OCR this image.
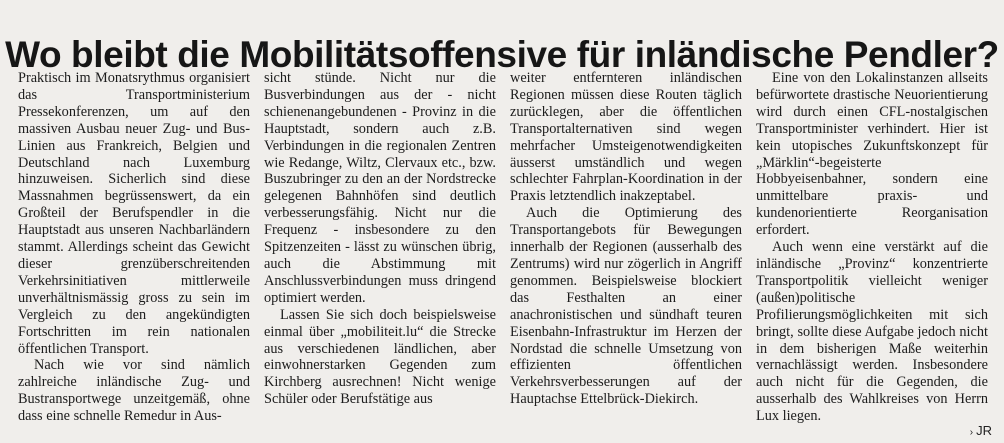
Wo bleibt die Mobilitätsoffensive für inländische Pendler?

Praktisch im Monatsrythmus organisiert das Transportministerium Pressekonferenzen, um auf den massiven Ausbau neuer Zug- und Bus-Linien aus Frankreich, Belgien und Deutschland nach Luxemburg hinzuweisen. Sicherlich sind diese Massnahmen begrüssenswert, da ein Großteil der Berufspendler in die Hauptstadt aus unseren Nachbarländern stammt. Allerdings scheint das Gewicht dieser grenzüberschreitenden Verkehrsinitiativen mittlerweile unverhältnismässig gross zu sein im Vergleich zu den angekündigten Fortschritten im rein nationalen öffentlichen Transport.

Nach wie vor sind nämlich zahlreiche inländische Zug- und Bustransportwege unzeitgemäß, ohne dass eine schnelle Remedur in Aus-

sicht stünde. Nicht nur die Busverbindungen aus der - nicht schienenangebundenen - Provinz in die Hauptstadt, sondern auch z.B. Verbindungen in die regionalen Zentren wie Redange, Wiltz, Clervaux etc., bzw. Buszubringer zu den an der Nordstrecke gelegenen Bahnhöfen sind deutlich verbesserungsfähig. Nicht nur die Frequenz - insbesondere zu den Spitzenzeiten - lässt zu wünschen übrig, auch die Abstimmung mit Anschlussverbindungen muss dringend optimiert werden.

Lassen Sie sich doch beispielsweise einmal über „mobiliteit.lu“ die Strecke aus verschiedenen ländlichen, aber einwohnerstarken Gegenden zum Kirchberg ausrechnen! Nicht wenige Schüler oder Berufstätige aus

weiter entfernteren inländischen Regionen müssen diese Routen täglich zurücklegen, aber die öffentlichen Transportalternativen sind wegen mehrfacher Umsteigenotwendigkeiten äusserst umständlich und wegen schlechter Fahrplan-Koordination in der Praxis letztendlich inakzeptabel.

Auch die Optimierung des Transportangebots für Bewegungen innerhalb der Regionen (ausserhalb des Zentrums) wird nur zögerlich in Angriff genommen. Beispielsweise blockiert das Festhalten an einer anachronistischen und sündhaft teuren Eisenbahn-Infrastruktur im Herzen der Nordstad die schnelle Umsetzung von effizienten öffentlichen Verkehrsverbesserungen auf der Hauptachse Ettelbrück-Diekirch.

Eine von den Lokalinstanzen allseits befürwortete drastische Neuorientierung wird durch einen CFL-nostalgischen Transportminister verhindert. Hier ist kein utopisches Zukunftskonzept für „Märklin“-begeisterte Hobbyeisenbahner, sondern eine unmittelbare praxis- und kundenorientierte Reorganisation erfordert.

Auch wenn eine verstärkt auf die inländische „Provinz“ konzentrierte Transportpolitik vielleicht weniger (außen)politische Profilierungsmöglichkeiten mit sich bringt, sollte diese Aufgabe jedoch nicht in dem bisherigen Maße weiterhin vernachlässigt werden. Insbesondere auch nicht für die Gegenden, die ausserhalb des Wahlkreises von Herrn Lux liegen.

› JR
